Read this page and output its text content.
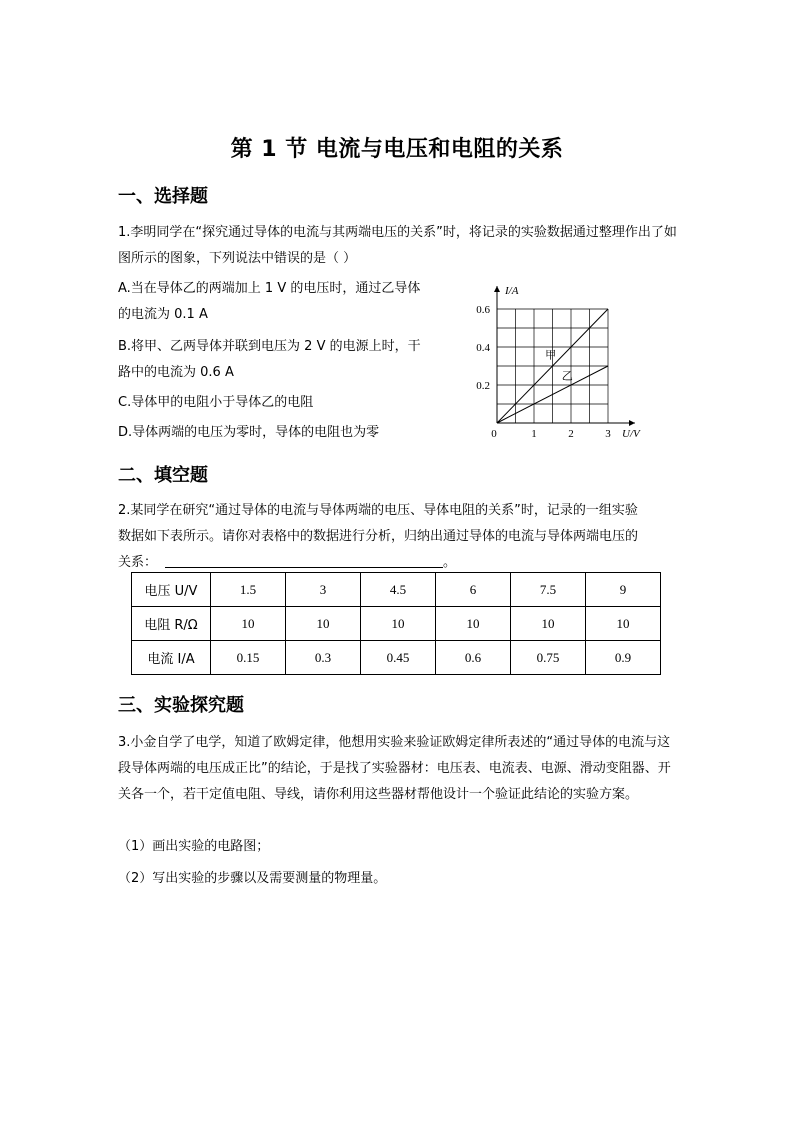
第 1 节 电流与电压和电阻的关系
一、选择题
1.李明同学在“探究通过导体的电流与其两端电压的关系”时，将记录的实验数据通过整理作出了如图所示的图象，下列说法中错误的是（ ）
A.当在导体乙的两端加上 1 V 的电压时，通过乙导体
的电流为 0.1 A
B.将甲、乙两导体并联到电压为 2 V 的电源上时，干
路中的电流为 0.6 A
C.导体甲的电阻小于导体乙的电阻
D.导体两端的电压为零时，导体的电阻也为零
I/A
U/V
0	1	2	3
0.2
0.4
0.6
甲
乙
二、填空题
2.某同学在研究“通过导体的电流与导体两端的电压、导体电阻的关系”时，记录的一组实验
数据如下表所示。请你对表格中的数据进行分析，归纳出通过导体的电流与导体两端电压的
关系：	。
电压 U/V	1.5	3	4.5	6	7.5	9
电阻 R/Ω	10	10	10	10	10	10
电流 I/A	0.15	0.3	0.45	0.6	0.75	0.9
三、实验探究题
3.小金自学了电学，知道了欧姆定律，他想用实验来验证欧姆定律所表述的“通过导体的电流与这段导体两端的电压成正比”的结论，于是找了实验器材：电压表、电流表、电源、滑动变阻器、开关各一个，若干定值电阻、导线，请你利用这些器材帮他设计一个验证此结论的实验方案。
（1）画出实验的电路图；
（2）写出实验的步骤以及需要测量的物理量。
